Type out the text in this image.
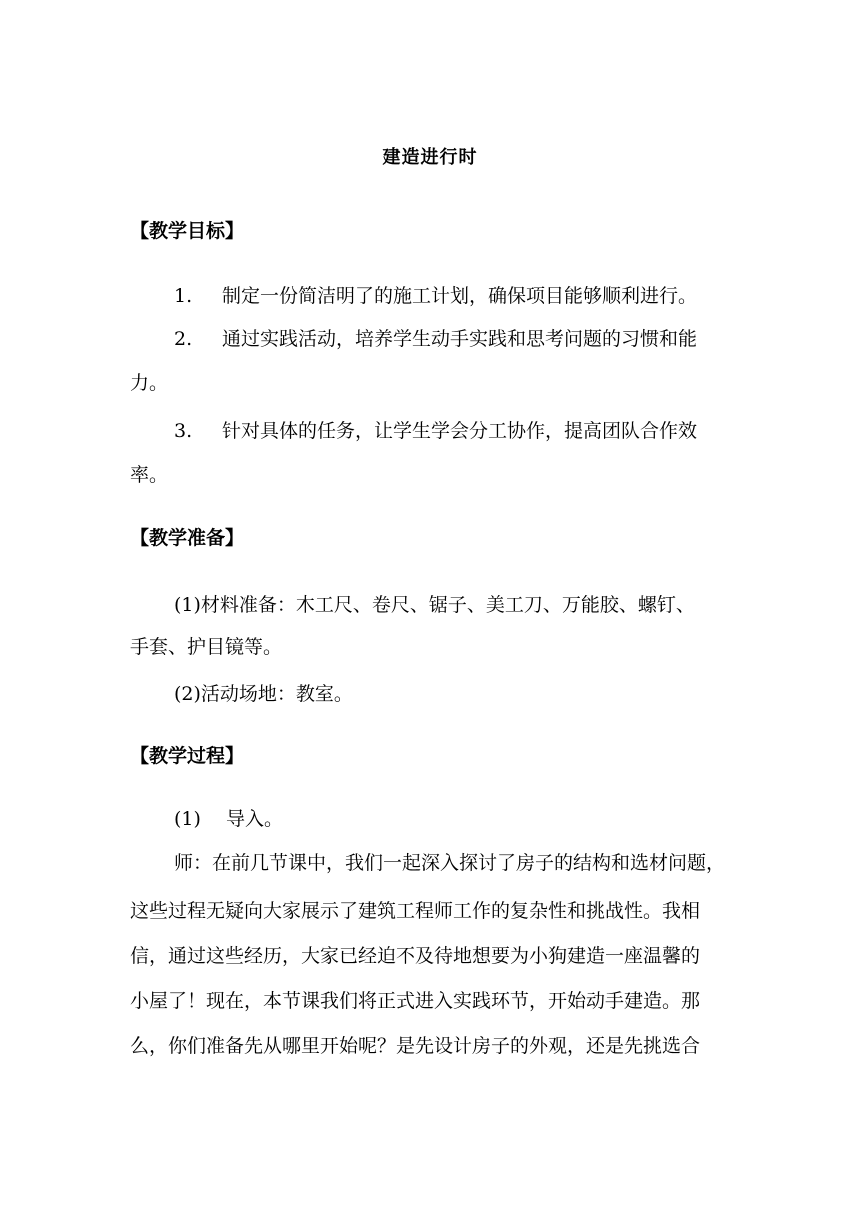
建造进行时
【教学目标】
1. 制定一份简洁明了的施工计划，确保项目能够顺利进行。
2. 通过实践活动，培养学生动手实践和思考问题的习惯和能
力。
3. 针对具体的任务，让学生学会分工协作，提高团队合作效
率。
【教学准备】
(1)材料准备：木工尺、卷尺、锯子、美工刀、万能胶、螺钉、
手套、护目镜等。
(2)活动场地：教室。
【教学过程】
(1) 导入。
师：在前几节课中，我们一起深入探讨了房子的结构和选材问题，
这些过程无疑向大家展示了建筑工程师工作的复杂性和挑战性。我相
信，通过这些经历，大家已经迫不及待地想要为小狗建造一座温馨的
小屋了！现在，本节课我们将正式进入实践环节，开始动手建造。那
么，你们准备先从哪里开始呢？是先设计房子的外观，还是先挑选合
